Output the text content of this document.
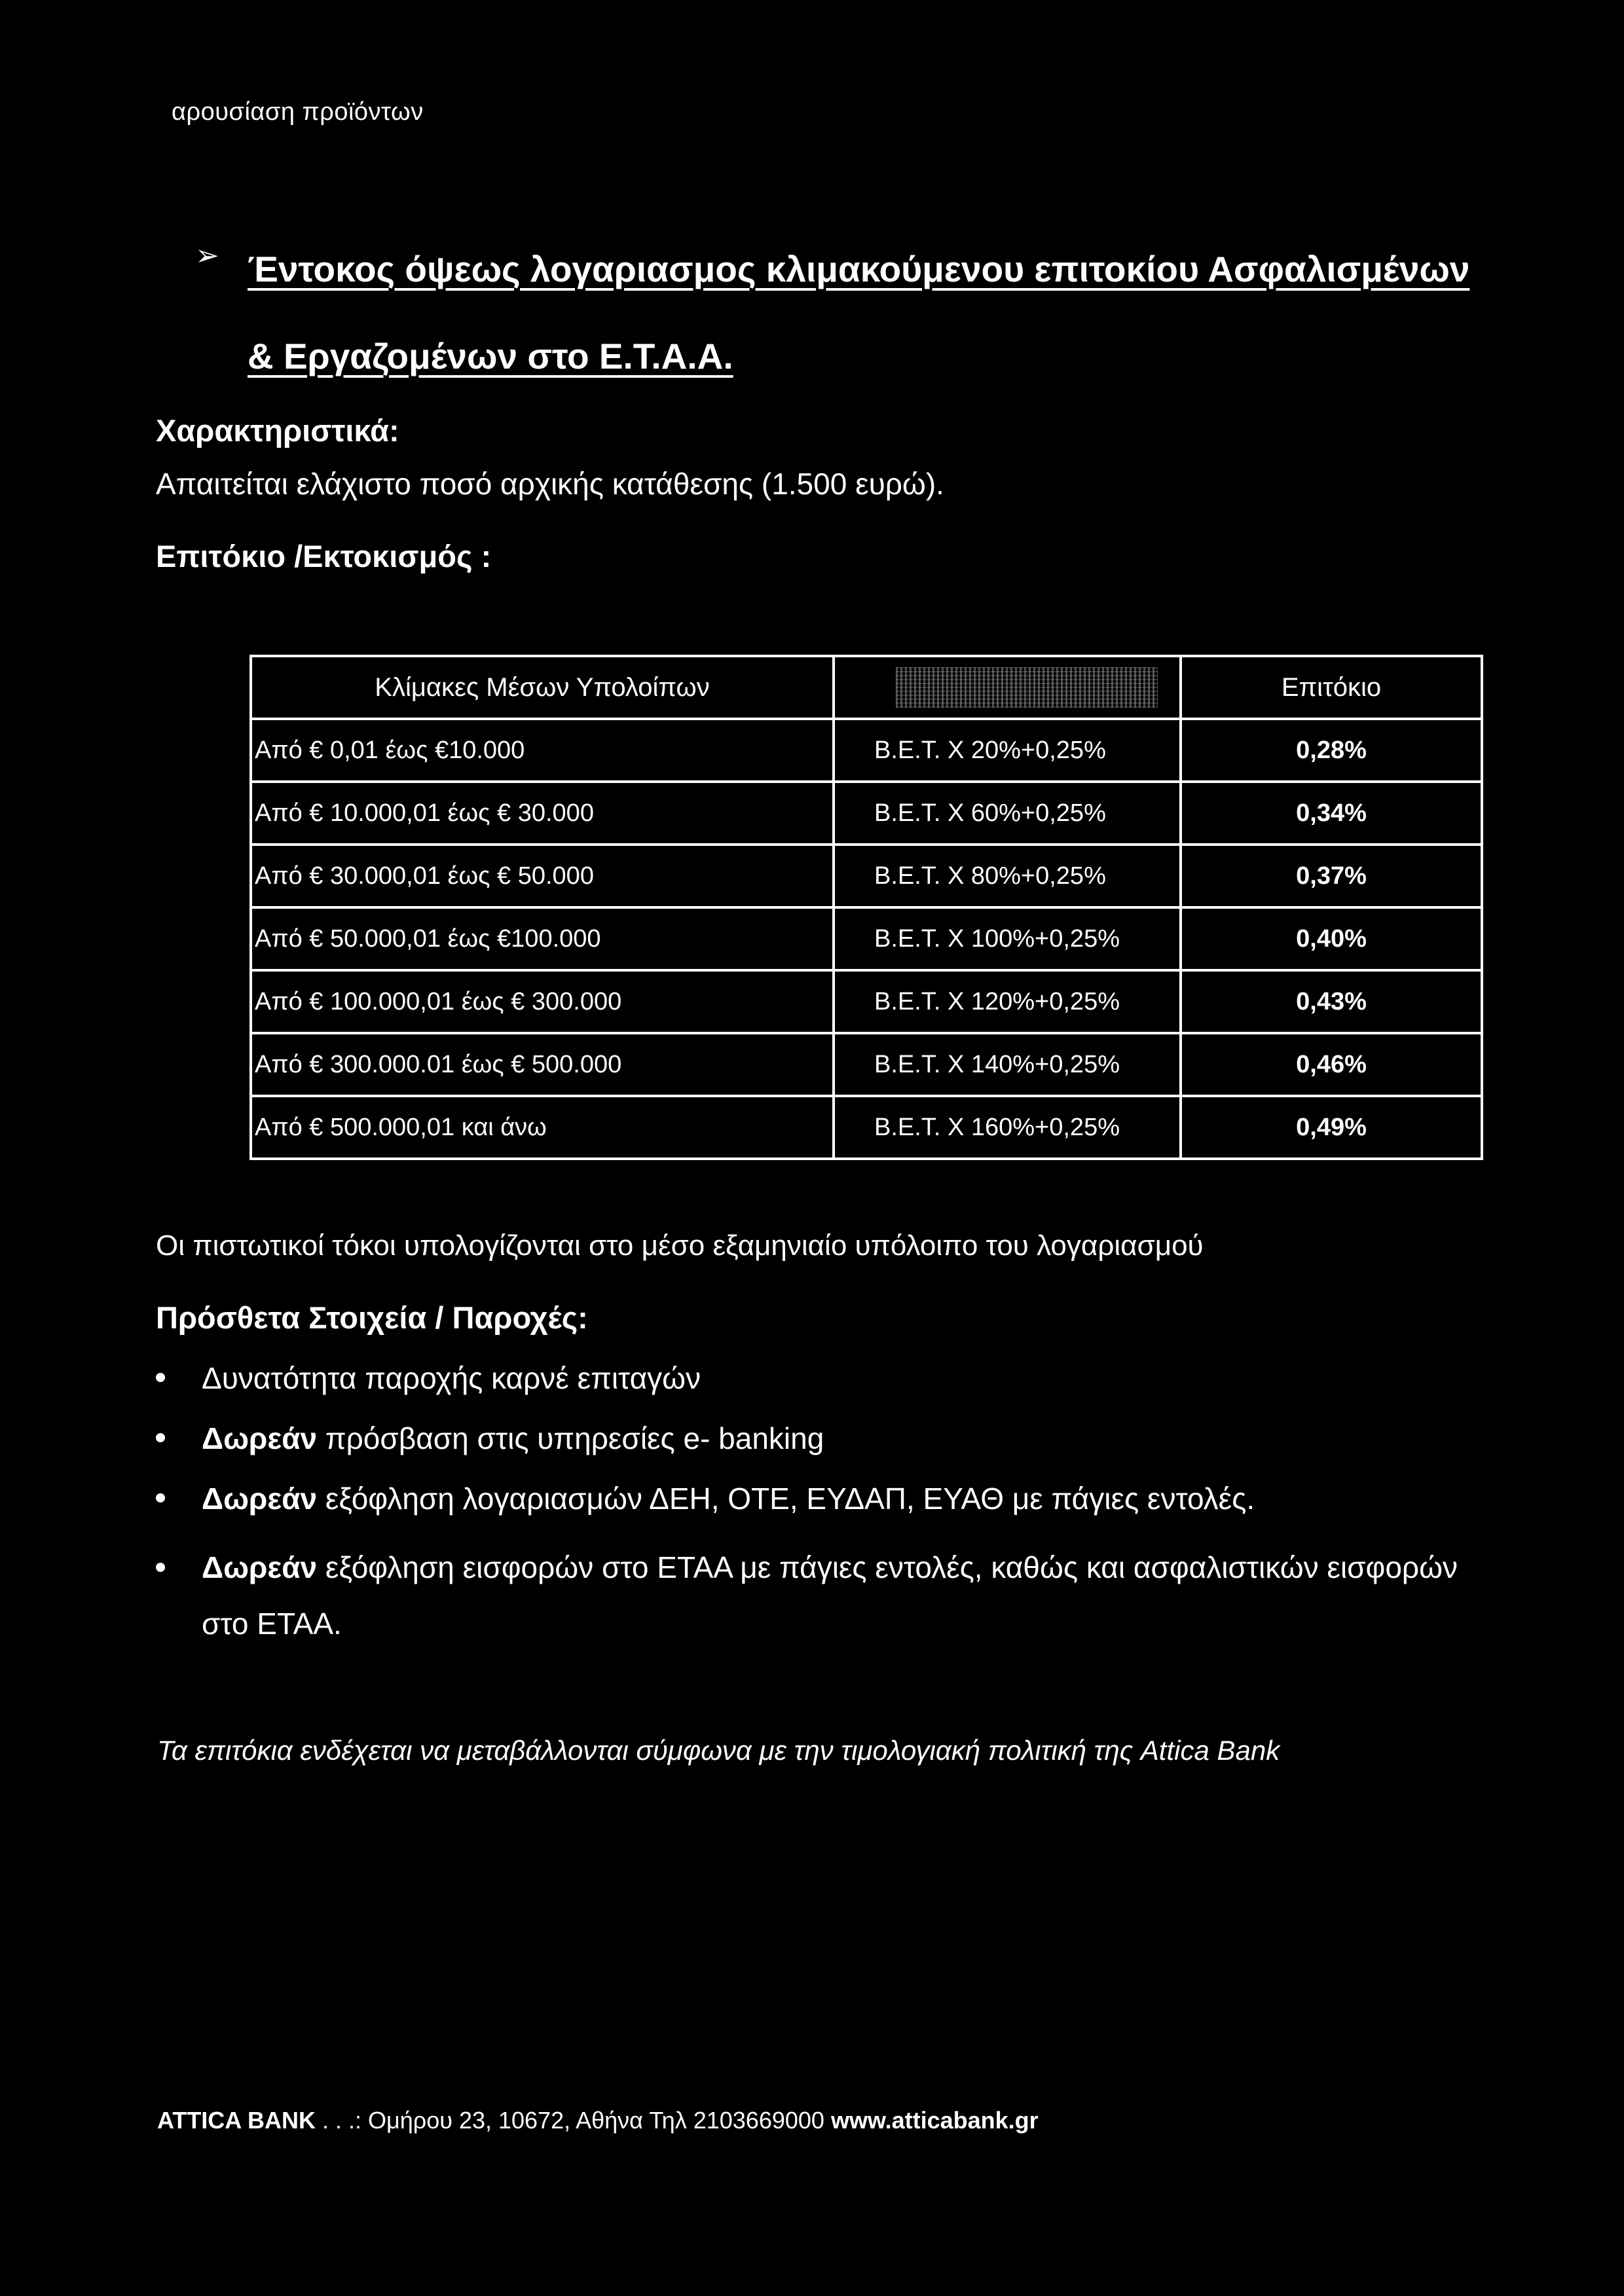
αρουσίαση προϊόντων
➢ Έντοκος όψεως λογαριασμος κλιμακούμενου επιτοκίου Ασφαλισμένων & Εργαζομένων στο Ε.Τ.Α.Α.
Χαρακτηριστικά:
Απαιτείται ελάχιστο ποσό αρχικής κατάθεσης (1.500 ευρώ).
Επιτόκιο /Εκτοκισμός :
Κλίμακες Μέσων Υπολοίπων		Επιτόκιο
Από € 0,01 έως €10.000	Β.Ε.Τ. Χ 20%+0,25%	0,28%
Από € 10.000,01 έως € 30.000	Β.Ε.Τ. Χ 60%+0,25%	0,34%
Από € 30.000,01 έως € 50.000	Β.Ε.Τ. Χ 80%+0,25%	0,37%
Από € 50.000,01 έως €100.000	Β.Ε.Τ. Χ 100%+0,25%	0,40%
Από € 100.000,01 έως € 300.000	Β.Ε.Τ. Χ 120%+0,25%	0,43%
Από € 300.000.01 έως € 500.000	Β.Ε.Τ. Χ 140%+0,25%	0,46%
Από € 500.000,01 και άνω	Β.Ε.Τ. Χ 160%+0,25%	0,49%
Οι πιστωτικοί τόκοι υπολογίζονται στο μέσο εξαμηνιαίο υπόλοιπο του λογαριασμού
Πρόσθετα Στοιχεία / Παροχές:
Δυνατότητα παροχής καρνέ επιταγών
Δωρεάν πρόσβαση στις υπηρεσίες e- banking
Δωρεάν εξόφληση λογαριασμών ΔΕΗ, ΟΤΕ, ΕΥΔΑΠ, ΕΥΑΘ με πάγιες εντολές.
Δωρεάν εξόφληση εισφορών στο ΕΤΑΑ με πάγιες εντολές, καθώς και ασφαλιστικών εισφορών στο ΕΤΑΑ.
Τα επιτόκια ενδέχεται να μεταβάλλονται σύμφωνα με την τιμολογιακή πολιτική της Attica Bank
ATTICA BANK . . .: Ομήρου 23, 10672, Αθήνα Τηλ 2103669000 www.atticabank.gr
